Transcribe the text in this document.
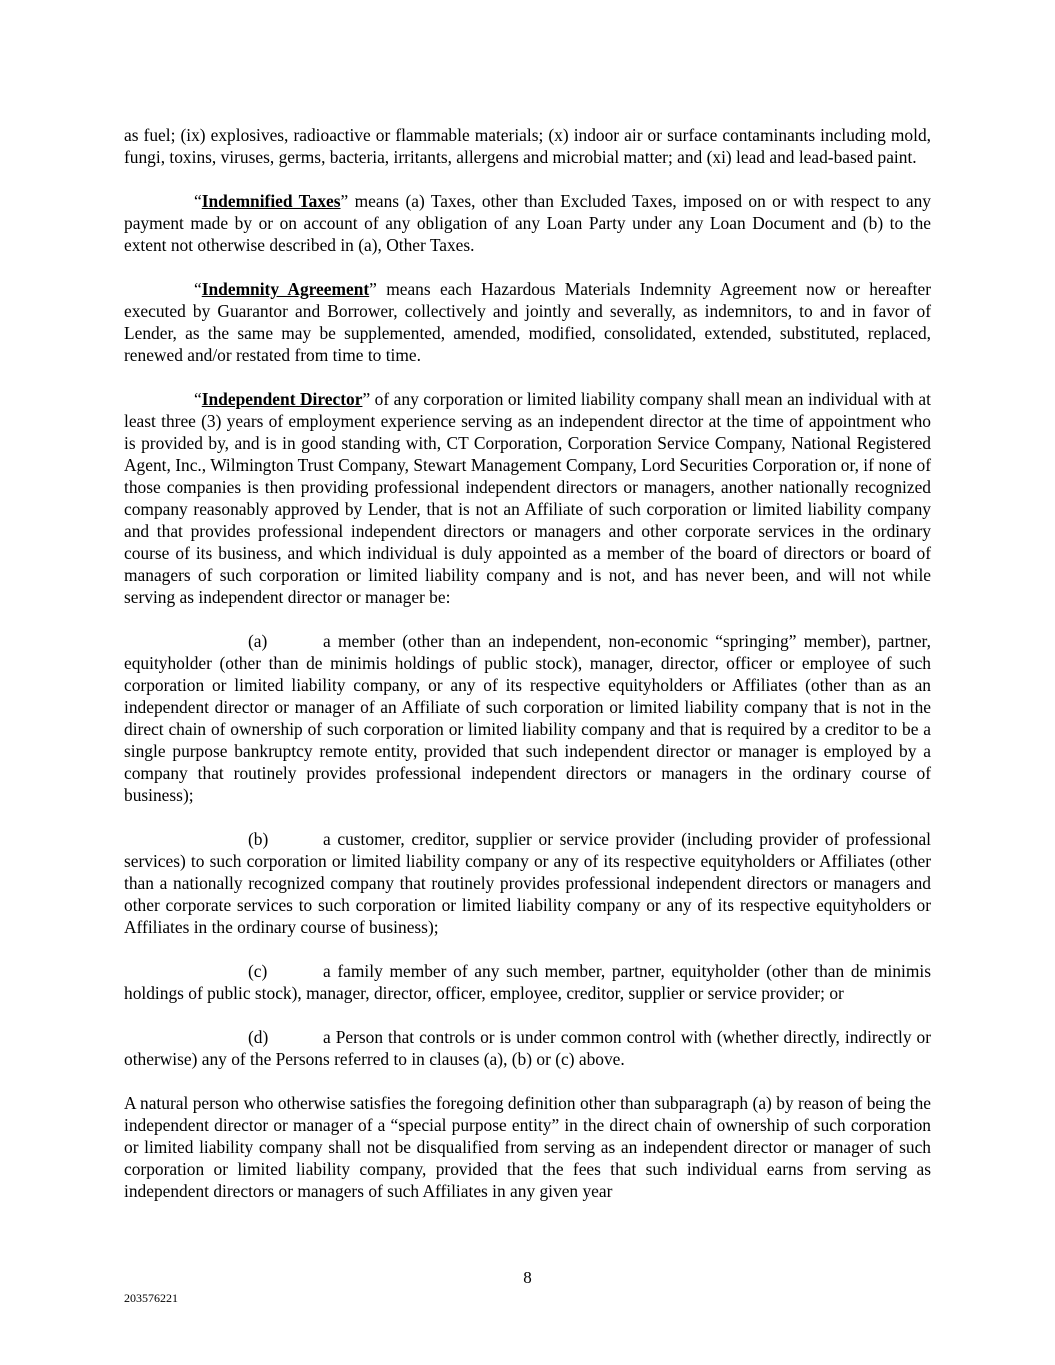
as fuel; (ix) explosives, radioactive or flammable materials; (x) indoor air or surface contaminants including mold, fungi, toxins, viruses, germs, bacteria, irritants, allergens and microbial matter; and (xi) lead and lead-based paint.

“Indemnified Taxes” means (a) Taxes, other than Excluded Taxes, imposed on or with respect to any payment made by or on account of any obligation of any Loan Party under any Loan Document and (b) to the extent not otherwise described in (a), Other Taxes.

“Indemnity Agreement” means each Hazardous Materials Indemnity Agreement now or hereafter executed by Guarantor and Borrower, collectively and jointly and severally, as indemnitors, to and in favor of Lender, as the same may be supplemented, amended, modified, consolidated, extended, substituted, replaced, renewed and/or restated from time to time.

“Independent Director” of any corporation or limited liability company shall mean an individual with at least three (3) years of employment experience serving as an independent director at the time of appointment who is provided by, and is in good standing with, CT Corporation, Corporation Service Company, National Registered Agent, Inc., Wilmington Trust Company, Stewart Management Company, Lord Securities Corporation or, if none of those companies is then providing professional independent directors or managers, another nationally recognized company reasonably approved by Lender, that is not an Affiliate of such corporation or limited liability company and that provides professional independent directors or managers and other corporate services in the ordinary course of its business, and which individual is duly appointed as a member of the board of directors or board of managers of such corporation or limited liability company and is not, and has never been, and will not while serving as independent director or manager be:

(a)	a member (other than an independent, non-economic “springing” member), partner, equityholder (other than de minimis holdings of public stock), manager, director, officer or employee of such corporation or limited liability company, or any of its respective equityholders or Affiliates (other than as an independent director or manager of an Affiliate of such corporation or limited liability company that is not in the direct chain of ownership of such corporation or limited liability company and that is required by a creditor to be a single purpose bankruptcy remote entity, provided that such independent director or manager is employed by a company that routinely provides professional independent directors or managers in the ordinary course of business);

(b)	a customer, creditor, supplier or service provider (including provider of professional services) to such corporation or limited liability company or any of its respective equityholders or Affiliates (other than a nationally recognized company that routinely provides professional independent directors or managers and other corporate services to such corporation or limited liability company or any of its respective equityholders or Affiliates in the ordinary course of business);

(c)	a family member of any such member, partner, equityholder (other than de minimis holdings of public stock), manager, director, officer, employee, creditor, supplier or service provider; or

(d)	a Person that controls or is under common control with (whether directly, indirectly or otherwise) any of the Persons referred to in clauses (a), (b) or (c) above.

A natural person who otherwise satisfies the foregoing definition other than subparagraph (a) by reason of being the independent director or manager of a “special purpose entity” in the direct chain of ownership of such corporation or limited liability company shall not be disqualified from serving as an independent director or manager of such corporation or limited liability company, provided that the fees that such individual earns from serving as independent directors or managers of such Affiliates in any given year

8
203576221
